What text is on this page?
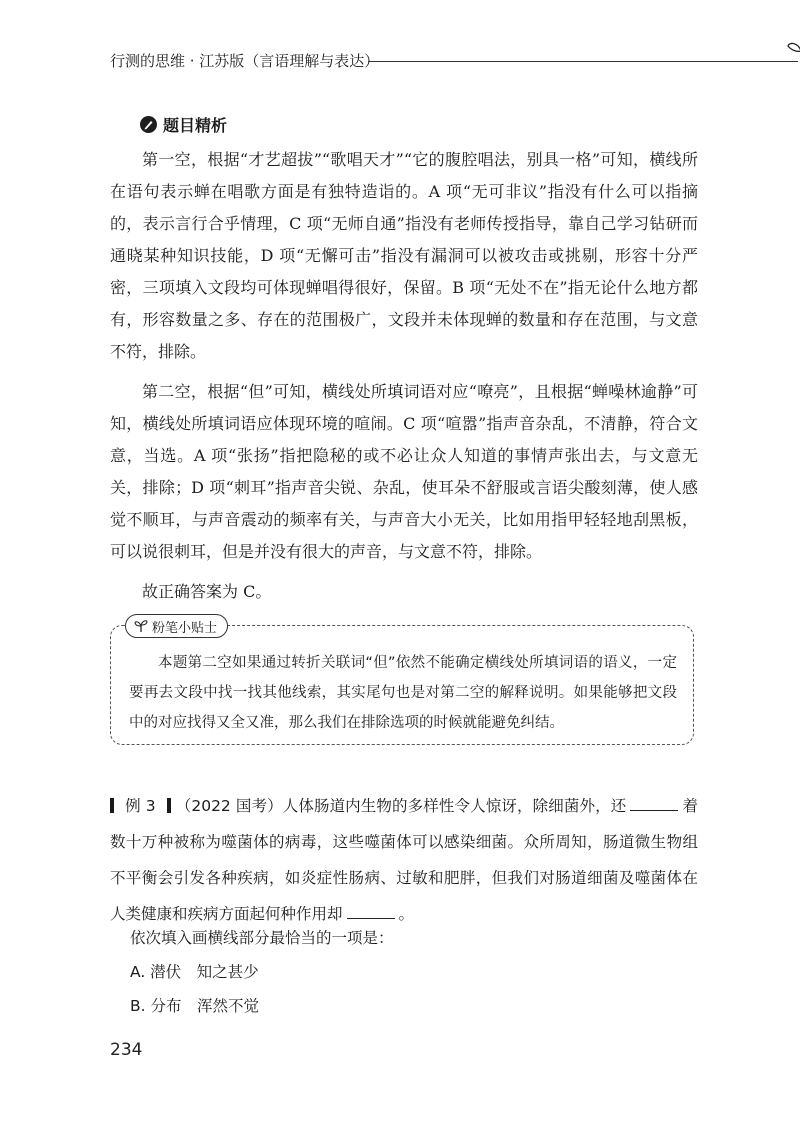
行测的思维 · 江苏版（言语理解与表达）
题目精析

第一空，根据“才艺超拔”“歌唱天才”“它的腹腔唱法，别具一格”可知，横线所在语句表示蝉在唱歌方面是有独特造诣的。A 项“无可非议”指没有什么可以指摘的，表示言行合乎情理，C 项“无师自通”指没有老师传授指导，靠自己学习钻研而通晓某种知识技能，D 项“无懈可击”指没有漏洞可以被攻击或挑剔，形容十分严密，三项填入文段均可体现蝉唱得很好，保留。B 项“无处不在”指无论什么地方都有，形容数量之多、存在的范围极广，文段并未体现蝉的数量和存在范围，与文意不符，排除。

第二空，根据“但”可知，横线处所填词语对应“嘹亮”，且根据“蝉噪林逾静”可知，横线处所填词语应体现环境的喧闹。C 项“喧嚣”指声音杂乱，不清静，符合文意，当选。A 项“张扬”指把隐秘的或不必让众人知道的事情声张出去，与文意无关，排除；D 项“刺耳”指声音尖锐、杂乱，使耳朵不舒服或言语尖酸刻薄，使人感觉不顺耳，与声音震动的频率有关，与声音大小无关，比如用指甲轻轻地刮黑板，可以说很刺耳，但是并没有很大的声音，与文意不符，排除。

故正确答案为 C。

粉笔小贴士

本题第二空如果通过转折关联词“但”依然不能确定横线处所填词语的语义，一定要再去文段中找一找其他线索，其实尾句也是对第二空的解释说明。如果能够把文段中的对应找得又全又准，那么我们在排除选项的时候就能避免纠结。

例 3 （2022 国考）人体肠道内生物的多样性令人惊讶，除细菌外，还	着数十万种被称为噬菌体的病毒，这些噬菌体可以感染细菌。众所周知，肠道微生物组不平衡会引发各种疾病，如炎症性肠病、过敏和肥胖，但我们对肠道细菌及噬菌体在人类健康和疾病方面起何种作用却	。

依次填入画横线部分最恰当的一项是：
A. 潜伏　知之甚少
B. 分布　浑然不觉
234
